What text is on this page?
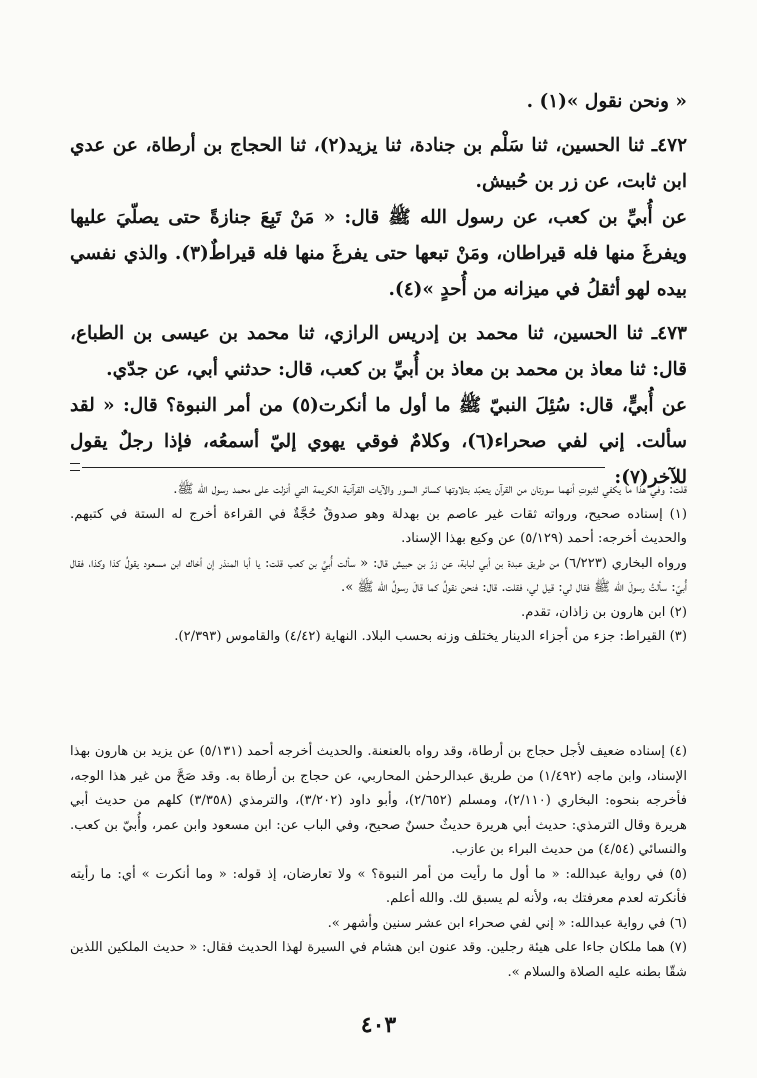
« ونحن نقول »(١) .

٤٧٢ـ ثنا الحسين، ثنا سَلْم بن جنادة، ثنا يزيد(٢)، ثنا الحجاج بن أرطاة، عن عدي ابن ثابت، عن زر بن حُبيش.

عن أُبيِّ بن كعب، عن رسول الله ﷺ قال: « مَنْ تَبِعَ جنازةً حتى يصلّيَ عليها ويفرغَ منها فله قيراطان، ومَنْ تبعها حتى يفرغَ منها فله قيراطٌ(٣). والذي نفسي بيده لهو أثقلُ في ميزانه من أُحدٍ »(٤).

٤٧٣ـ ثنا الحسين، ثنا محمد بن إدريس الرازي، ثنا محمد بن عيسى بن الطباع، قال: ثنا معاذ بن محمد بن معاذ بن أُبيِّ بن كعب، قال: حدثني أبي، عن جدّي.

عن أُبيٍّ، قال: سُئِلَ النبيّ ﷺ ما أول ما أنكرت(٥) من أمر النبوة؟ قال: « لقد سألت. إني لفي صحراء(٦)، وكلامٌ فوقي يهوي إليّ أسمعُه، فإذا رجلٌ يقول للآخر(٧):

قلت: وفي هذا ما يكفي لثبوتِ أنهما سورتان من القرآن يتعبّد بتلاوتها كسائر السور والآيات القرآنية الكريمة التي أنزلت على محمد رسول الله ﷺ.

(١) إسناده صحيح، ورواته ثقات غير عاصم بن بهدلة وهو صدوقٌ حُجَّةٌ في القراءة أخرج له الستة في كتبهم. والحديث أخرجه: أحمد (٥/١٢٩) عن وكيع بهذا الإسناد.

ورواه البخاري (٦/٢٢٣) من طريق عبدة بن أبي لبابة، عن زرّ بن حبيش قال: « سألت أُبيَّ بن كعب قلت: يا أبا المنذر إن أخاك ابن مسعود يقولُ كذا وكذا، فقال أُبيّ: سألتُ رسولَ الله ﷺ فقال لي: قيل لي، فقلت. قال: فنحن نقولُ كما قالَ رسولُ الله ﷺ ».

(٢) ابن هارون بن زاذان، تقدم.

(٣) القيراط: جزء من أجزاء الدينار يختلف وزنه بحسب البلاد. النهاية (٤/٤٢) والقاموس (٢/٣٩٣).

(٤) إسناده ضعيف لأجل حجاج بن أرطاة، وقد رواه بالعنعنة. والحديث أخرجه أحمد (٥/١٣١) عن يزيد بن هارون بهذا الإسناد، وابن ماجه (١/٤٩٢) من طريق عبدالرحمٰن المحاربي، عن حجاج بن أرطاة به. وقد صَحَّ من غير هذا الوجه، فأخرجه بنحوه: البخاري (٢/١١٠)، ومسلم (٢/٦٥٢)، وأبو داود (٣/٢٠٢)، والترمذي (٣/٣٥٨) كلهم من حديث أبي هريرة وقال الترمذي: حديث أبي هريرة حديثٌ حسنٌ صحيح، وفي الباب عن: ابن مسعود وابن عمر، وأُبيّ بن كعب. والنسائي (٤/٥٤) من حديث البراء بن عازب.

(٥) في رواية عبدالله: « ما أول ما رأيت من أمر النبوة؟ » ولا تعارضان، إذ قوله: « وما أنكرت » أي: ما رأيته فأنكرته لعدم معرفتك به، ولأنه لم يسبق لك. والله أعلم.

(٦) في رواية عبدالله: « إني لفي صحراء ابن عشر سنين وأشهر ».

(٧) هما ملكان جاءا على هيئة رجلين. وقد عنون ابن هشام في السيرة لهذا الحديث فقال: « حديث الملكين اللذين شقّا بطنه عليه الصلاة والسلام ».

٤٠٣
